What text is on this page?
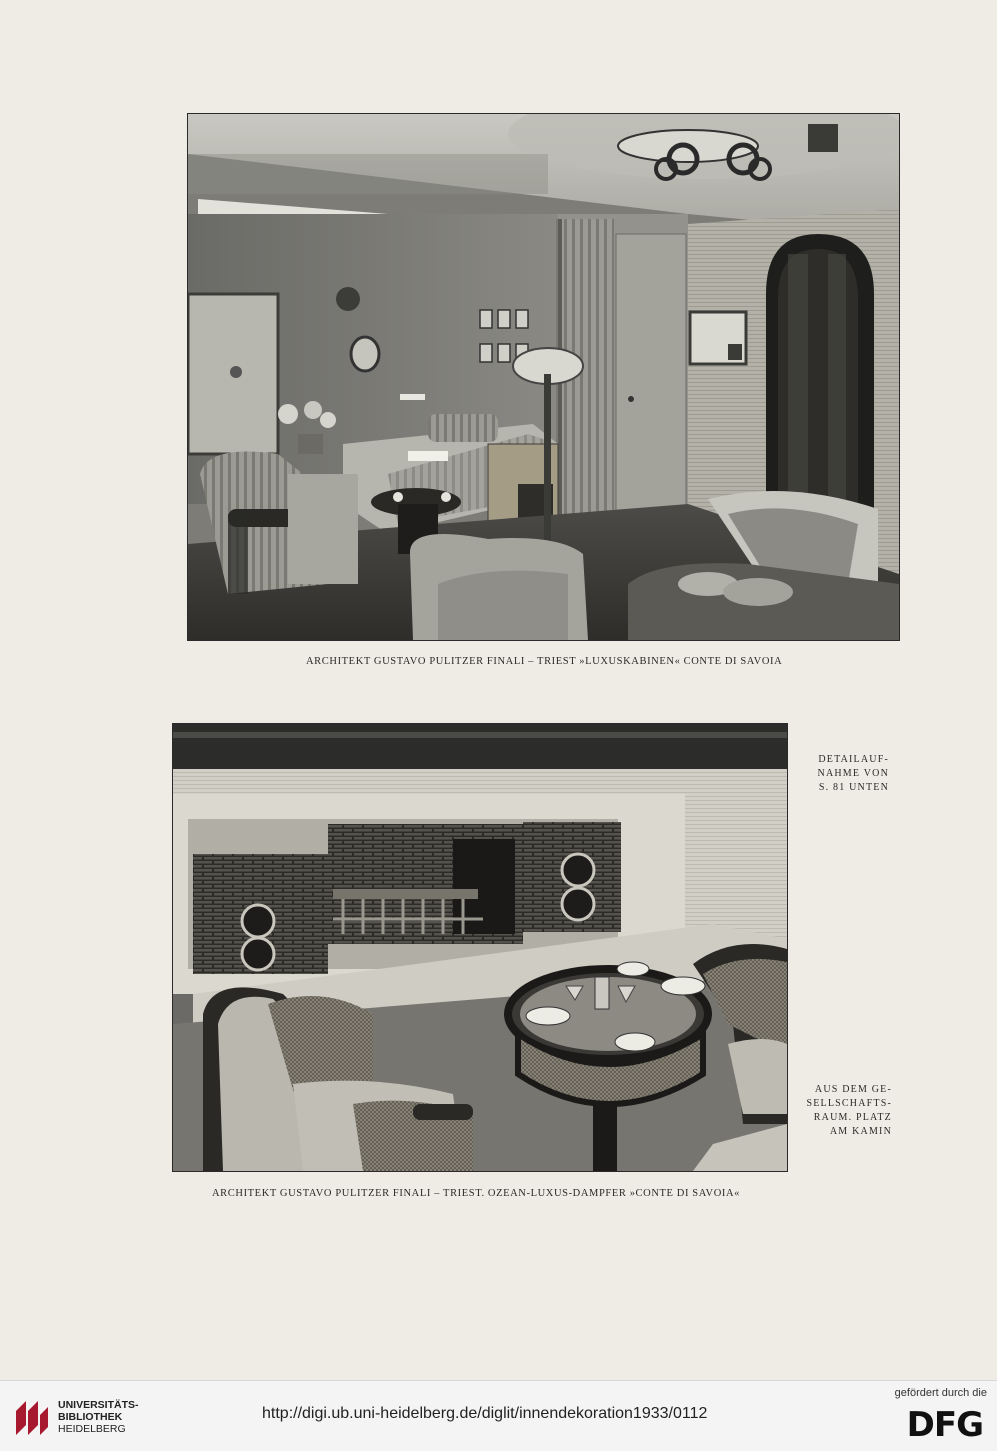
ARCHITEKT GUSTAVO PULITZER FINALI – TRIEST »LUXUSKABINEN« CONTE DI SAVOIA
DETAILAUF-
NAHME VON
S. 81 UNTEN
AUS DEM GE-
SELLSCHAFTS-
RAUM. PLATZ
AM KAMIN
ARCHITEKT GUSTAVO PULITZER FINALI – TRIEST. OZEAN-LUXUS-DAMPFER »CONTE DI SAVOIA«
UNIVERSITÄTS-
BIBLIOTHEK
HEIDELBERG
http://digi.ub.uni-heidelberg.de/diglit/innendekoration1933/0112
gefördert durch die
DFG
